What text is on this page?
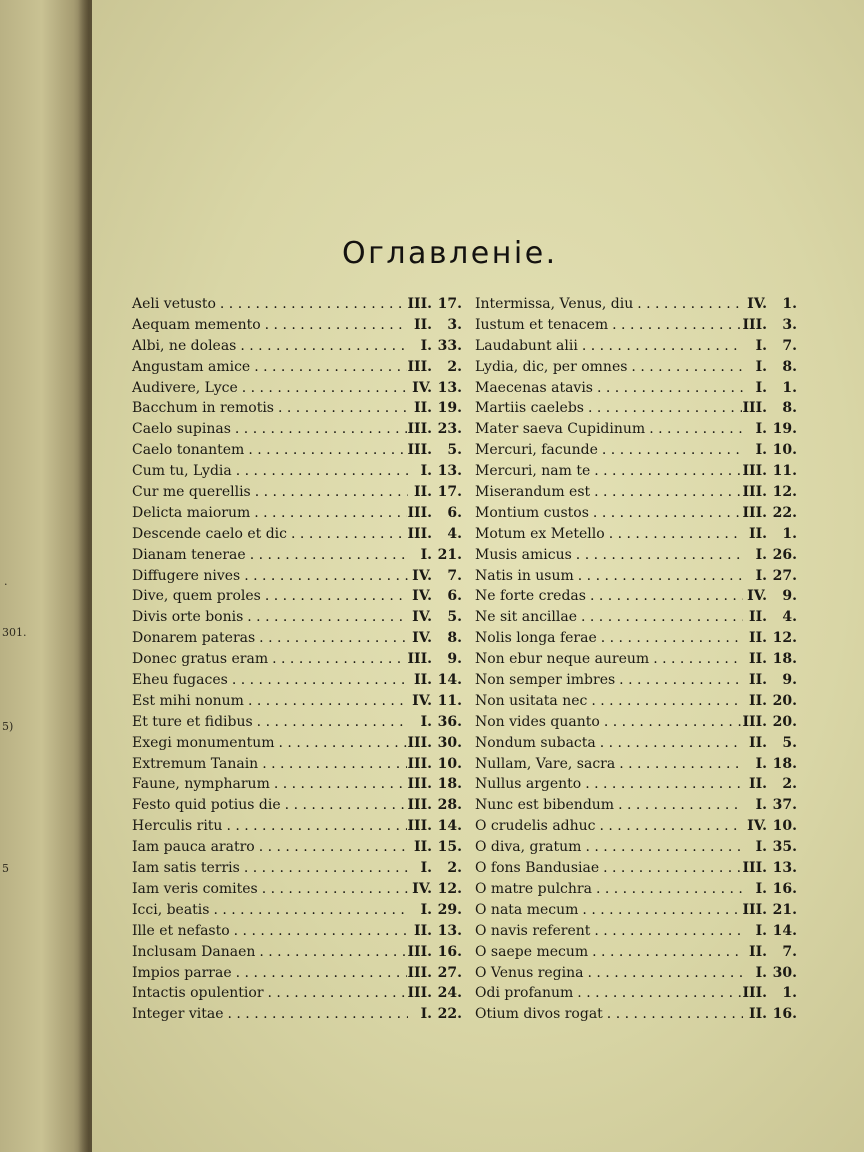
.
301.
5)
5
Оглавленіе.
Aeli vetusto . . .	III. 17.
Aequam memento . . .	II. 3.
Albi, ne doleas . . .	I. 33.
Angustam amice . . .	III. 2.
Audivere, Lyce . . .	IV. 13.
Bacchum in remotis . . .	II. 19.
Caelo supinas . . .	III. 23.
Caelo tonantem . . .	III. 5.
Cum tu, Lydia . . .	I. 13.
Cur me querellis . . .	II. 17.
Delicta maiorum . . .	III. 6.
Descende caelo et dic . . .	III. 4.
Dianam tenerae . . .	I. 21.
Diffugere nives . . .	IV. 7.
Dive, quem proles . . .	IV. 6.
Divis orte bonis . . .	IV. 5.
Donarem pateras . . .	IV. 8.
Donec gratus eram . . .	III. 9.
Eheu fugaces . . .	II. 14.
Est mihi nonum . . .	IV. 11.
Et ture et fidibus . . .	I. 36.
Exegi monumentum . . .	III. 30.
Extremum Tanain . . .	III. 10.
Faune, nympharum . . .	III. 18.
Festo quid potius die . . .	III. 28.
Herculis ritu . . .	III. 14.
Iam pauca aratro . . .	II. 15.
Iam satis terris . . .	I. 2.
Iam veris comites . . .	IV. 12.
Icci, beatis . . .	I. 29.
Ille et nefasto . . .	II. 13.
Inclusam Danaen . . .	III. 16.
Impios parrae . . .	III. 27.
Intactis opulentior . . .	III. 24.
Integer vitae . . .	I. 22.
Intermissa, Venus, diu . . .	IV. 1.
Iustum et tenacem . . .	III. 3.
Laudabunt alii . . .	I. 7.
Lydia, dic, per omnes . . .	I. 8.
Maecenas atavis . . .	I. 1.
Martiis caelebs . . .	III. 8.
Mater saeva Cupidinum . . .	I. 19.
Mercuri, facunde . . .	I. 10.
Mercuri, nam te . . .	III. 11.
Miserandum est . . .	III. 12.
Montium custos . . .	III. 22.
Motum ex Metello . . .	II. 1.
Musis amicus . . .	I. 26.
Natis in usum . . .	I. 27.
Ne forte credas . . .	IV. 9.
Ne sit ancillae . . .	II. 4.
Nolis longa ferae . . .	II. 12.
Non ebur neque aureum . . .	II. 18.
Non semper imbres . . .	II. 9.
Non usitata nec . . .	II. 20.
Non vides quanto . . .	III. 20.
Nondum subacta . . .	II. 5.
Nullam, Vare, sacra . . .	I. 18.
Nullus argento . . .	II. 2.
Nunc est bibendum . . .	I. 37.
O crudelis adhuc . . .	IV. 10.
O diva, gratum . . .	I. 35.
O fons Bandusiae . . .	III. 13.
O matre pulchra . . .	I. 16.
O nata mecum . . .	III. 21.
O navis referent . . .	I. 14.
O saepe mecum . . .	II. 7.
O Venus regina . . .	I. 30.
Odi profanum . . .	III. 1.
Otium divos rogat . . .	II. 16.
